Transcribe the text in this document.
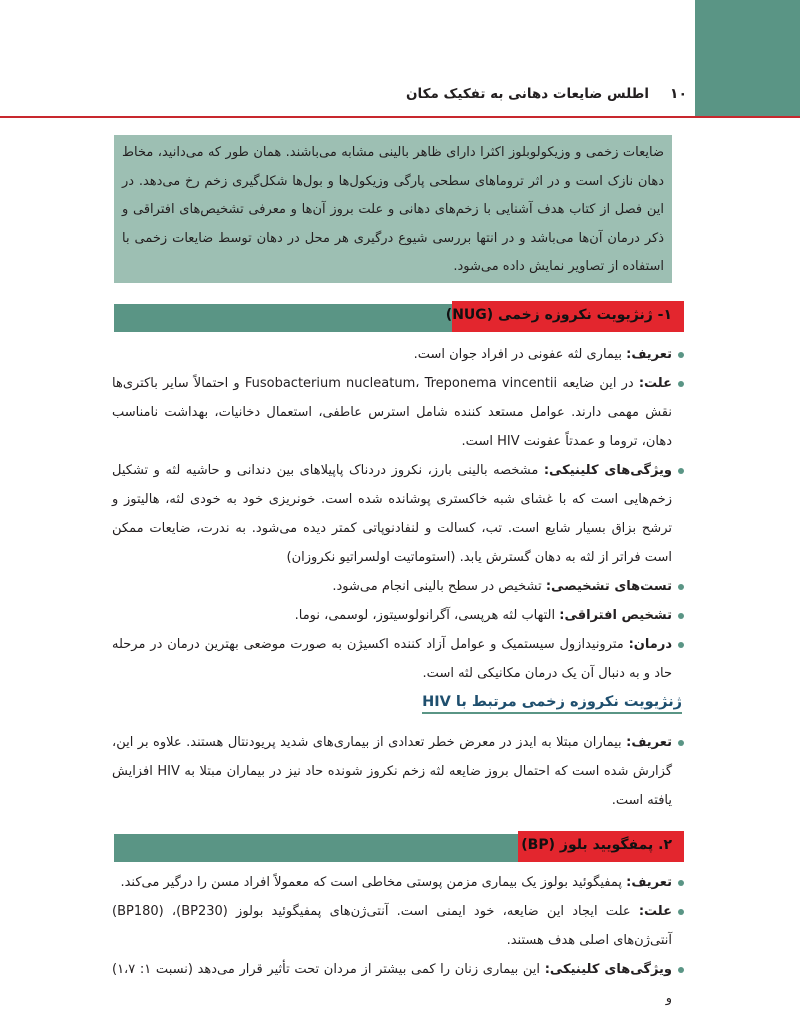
۱۰
اطلس ضایعات دهانی به تفکیک مکان

ضایعات زخمی و وزیکولوبلوز اکثرا دارای ظاهر بالینی مشابه می‌باشند. همان طور که می‌دانید، مخاط دهان نازک است و در اثر تروماهای سطحی پارگی وزیکول‌ها و بول‌ها شکل‌گیری زخم رخ می‌دهد. در این فصل از کتاب هدف آشنایی با زخم‌های دهانی و علت بروز آن‌ها و معرفی تشخیص‌های افتراقی و ذکر درمان آن‌ها می‌باشد و در انتها بررسی شیوع درگیری هر محل در دهان توسط ضایعات زخمی با استفاده از تصاویر نمایش داده می‌شود.

۱- ژنژیویت نکروزه زخمی (NUG)
تعریف: بیماری لثه عفونی در افراد جوان است.
علت: در این ضایعه Fusobacterium nucleatum، Treponema vincentii و احتمالاً سایر باکتری‌ها نقش مهمی دارند. عوامل مستعد کننده شامل استرس عاطفی، استعمال دخانیات، بهداشت نامناسب دهان، تروما و عمدتاً عفونت HIV است.
ویژگی‌های کلینیکی: مشخصه بالینی بارز، نکروز دردناک پاپیلاهای بین دندانی و حاشیه لثه و تشکیل زخم‌هایی است که با غشای شبه خاکستری پوشانده شده است. خونریزی خود به خودی لثه، هالیتوز و ترشح بزاق بسیار شایع است. تب، کسالت و لنفادنوپاتی کمتر دیده می‌شود. به ندرت، ضایعات ممکن است فراتر از لثه به دهان گسترش یابد. (استوماتیت اولسراتیو نکروزان)
تست‌های تشخیصی: تشخیص در سطح بالینی انجام می‌شود.
تشخیص افتراقی: التهاب لثه هرپسی، آگرانولوسیتوز، لوسمی، نوما.
درمان: مترونیدازول سیستمیک و عوامل آزاد کننده اکسیژن به صورت موضعی بهترین درمان در مرحله حاد و به دنبال آن یک درمان مکانیکی لثه است.
ژنژیویت نکروزه زخمی مرتبط با HIV
تعریف: بیماران مبتلا به ایدز در معرض خطر تعدادی از بیماری‌های شدید پریودنتال هستند. علاوه بر این، گزارش شده است که احتمال بروز ضایعه لثه زخم نکروز شونده حاد نیز در بیماران مبتلا به HIV افزایش یافته است.
۲. پمفگویید بلوز (BP)
تعریف: پمفیگوئید بولوز یک بیماری مزمن پوستی مخاطی است که معمولاً افراد مسن را درگیر می‌کند.
علت: علت ایجاد این ضایعه، خود ایمنی است. آنتی‌ژن‌های پمفیگوئید بولوز (BP230)، (BP180) آنتی‌ژن‌های اصلی هدف هستند.
ویژگی‌های کلینیکی: این بیماری زنان را کمی بیشتر از مردان تحت تأثیر قرار می‌دهد (نسبت ۱: ۱،۷) و
